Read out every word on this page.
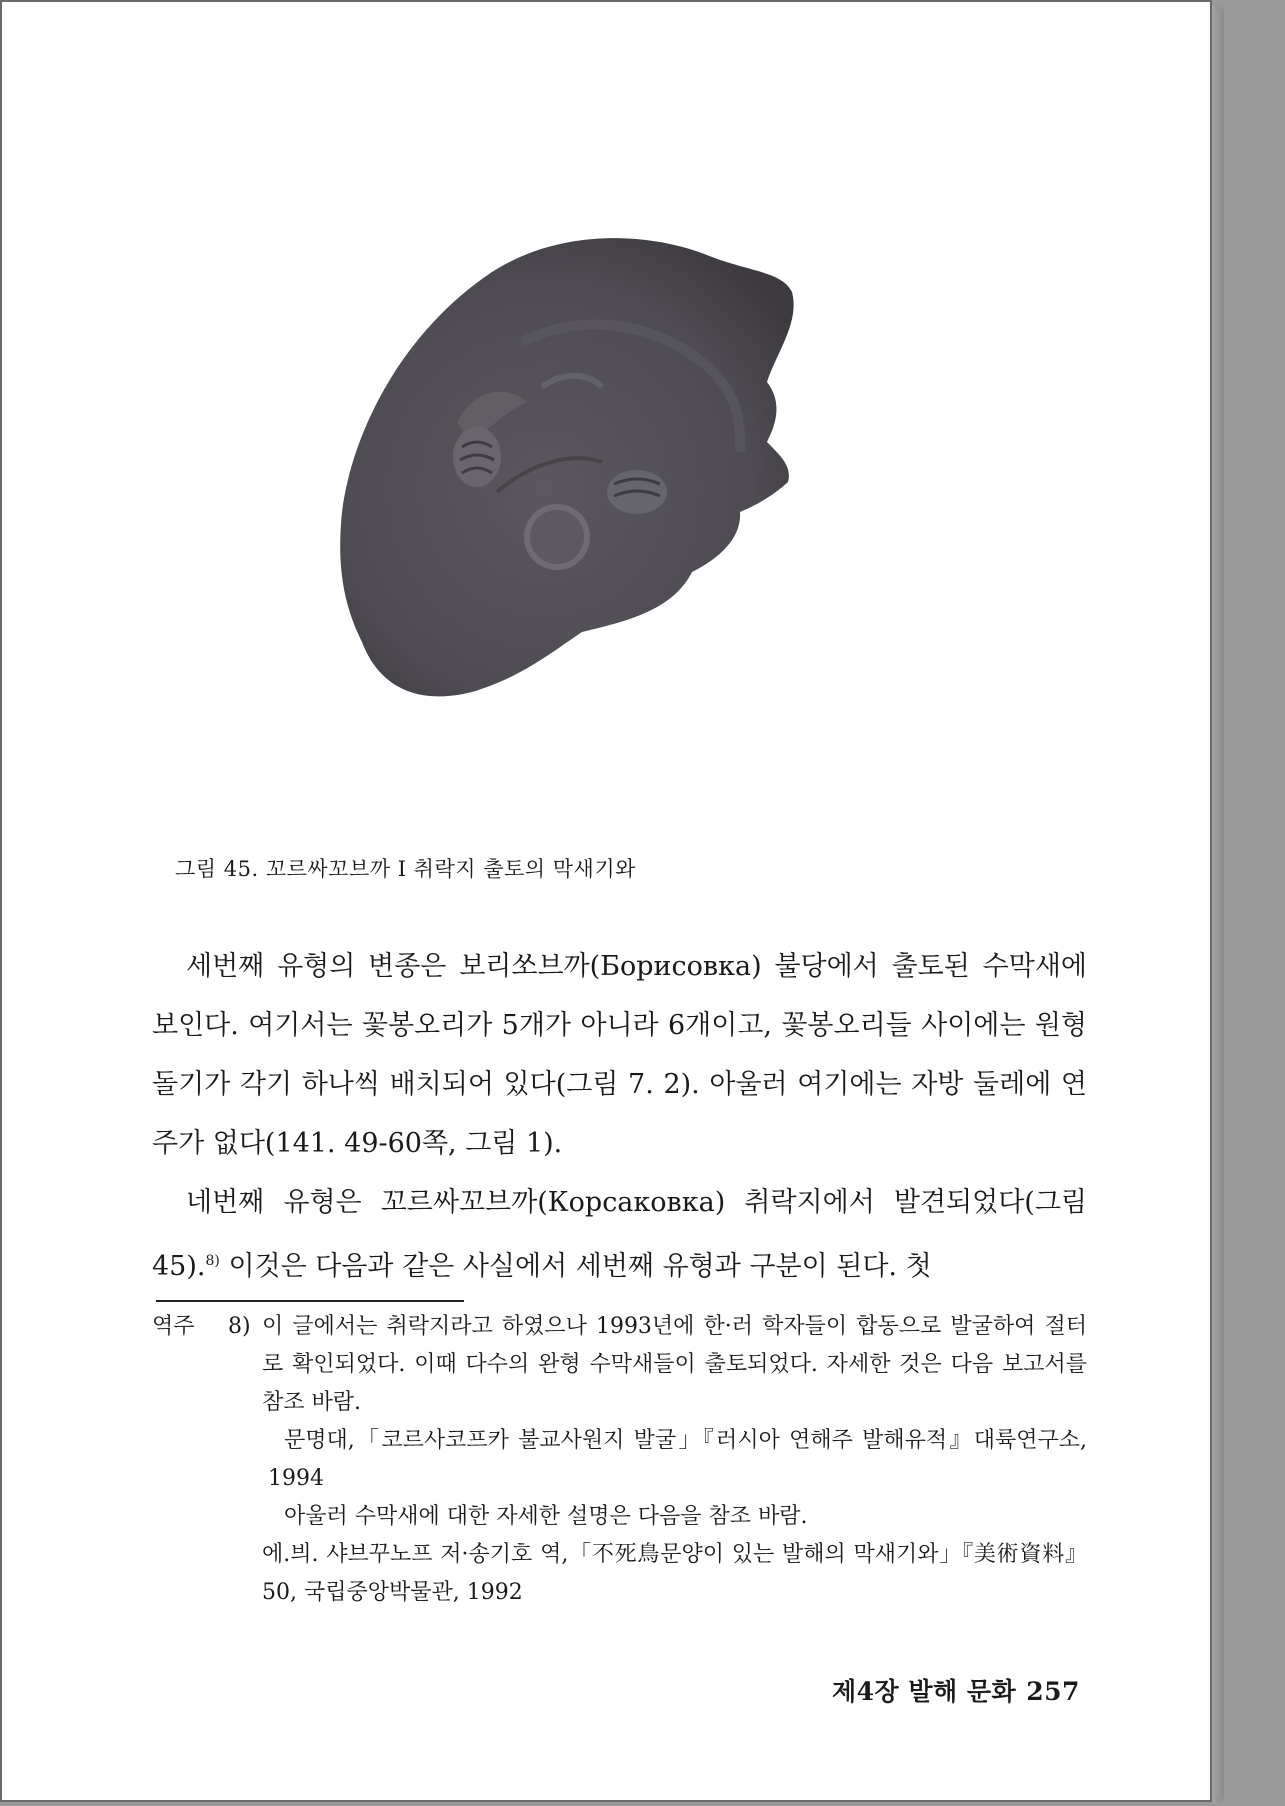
그림 45. 꼬르싸꼬브까 I 취락지 출토의 막새기와

세번째 유형의 변종은 보리쏘브까(Борисовка) 불당에서 출토된 수막새에 보인다. 여기서는 꽃봉오리가 5개가 아니라 6개이고, 꽃봉오리들 사이에는 원형 돌기가 각기 하나씩 배치되어 있다(그림 7. 2). 아울러 여기에는 자방 둘레에 연주가 없다(141. 49-60쪽, 그림 1).

네번째 유형은 꼬르싸꼬브까(Корсаковка) 취락지에서 발견되었다(그림 45).$^{8)}$ 이것은 다음과 같은 사실에서 세번째 유형과 구분이 된다. 첫

역주	8) 이 글에서는 취락지라고 하였으나 1993년에 한·러 학자들이 합동으로 발굴하여 절터로 확인되었다. 이때 다수의 완형 수막새들이 출토되었다. 자세한 것은 다음 보고서를 참조 바람.
문명대,「코르사코프카 불교사원지 발굴」『러시아 연해주 발해유적』대륙연구소, 1994
아울러 수막새에 대한 자세한 설명은 다음을 참조 바람.
에.븨. 샤브꾸노프 저·송기호 역,「不死鳥문양이 있는 발해의 막새기와」『美術資料』50, 국립중앙박물관, 1992
제4장 발해 문화 257
